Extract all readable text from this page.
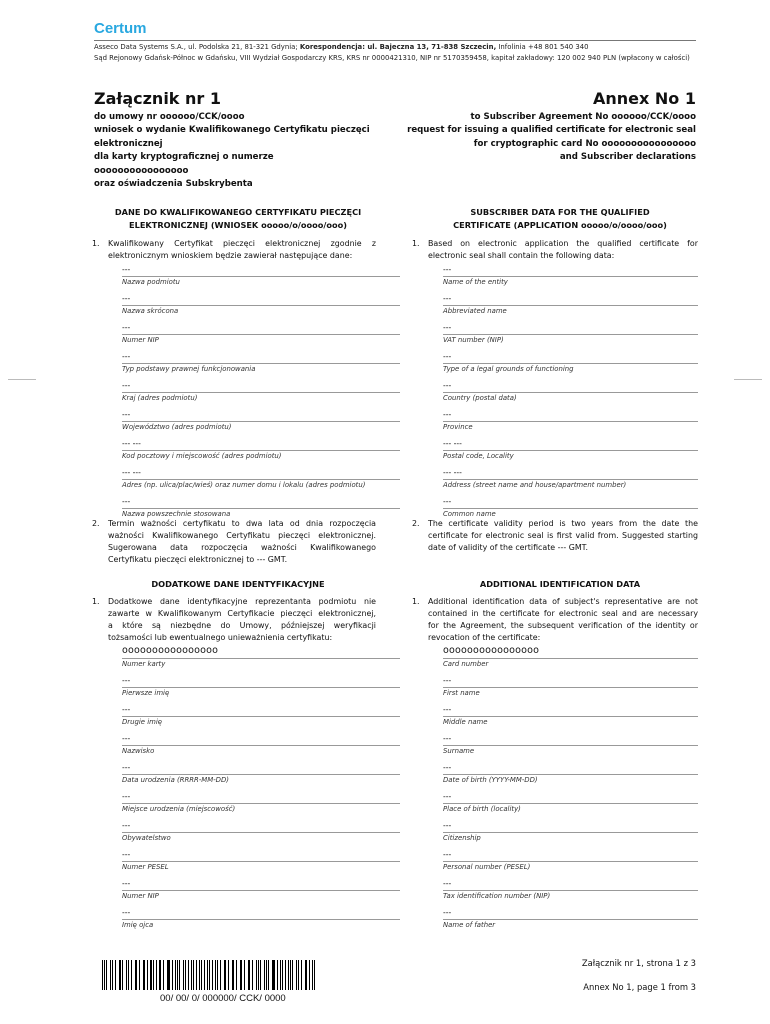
Certum
Asseco Data Systems S.A., ul. Podolska 21, 81-321 Gdynia; Korespondencja: ul. Bajeczna 13, 71-838 Szczecin, Infolinia +48 801 540 340
Sąd Rejonowy Gdańsk-Północ w Gdańsku, VIII Wydział Gospodarczy KRS, KRS nr 0000421310, NIP nr 5170359458, kapitał zakładowy: 120 002 940 PLN (wpłacony w całości)
Załącznik nr 1	Annex No 1
do umowy nr oooooo/CCK/oooo
wniosek o wydanie Kwalifikowanego Certyfikatu pieczęci
elektronicznej
dla karty kryptograficznej o numerze
oooooooooooooooo
oraz oświadczenia Subskrybenta
to Subscriber Agreement No oooooo/CCK/oooo
request for issuing a qualified certificate for electronic seal
for cryptographic card No oooooooooooooooo
and Subscriber declarations
DANE DO KWALIFIKOWANEGO CERTYFIKATU PIECZĘCI
ELEKTRONICZNEJ (WNIOSEK ooooo/o/oooo/ooo)
SUBSCRIBER DATA FOR THE QUALIFIED
CERTIFICATE (APPLICATION ooooo/o/oooo/ooo)
1. Kwalifikowany Certyfikat pieczęci elektronicznej zgodnie z
elektronicznym wnioskiem będzie zawierał następujące dane:
1. Based on electronic application the qualified certificate for
electronic seal shall contain the following data:
---
Nazwa podmiotu
---
Name of the entity
---
Nazwa skrócona
---
Abbreviated name
---
Numer NIP
---
VAT number (NIP)
---
Typ podstawy prawnej funkcjonowania
---
Type of a legal grounds of functioning
---
Kraj (adres podmiotu)
---
Country (postal data)
---
Województwo (adres podmiotu)
---
Province
--- ---
Kod pocztowy i miejscowość (adres podmiotu)
--- ---
Postal code, Locality
--- ---
Adres (np. ulica/plac/wieś) oraz numer domu i lokalu (adres podmiotu)
--- ---
Address (street name and house/apartment number)
---
Nazwa powszechnie stosowana
---
Common name
2. Termin ważności certyfikatu to dwa lata od dnia rozpoczęcia
ważności Kwalifikowanego Certyfikatu pieczęci elektronicznej.
Sugerowana data rozpoczęcia ważności Kwalifikowanego
Certyfikatu pieczęci elektronicznej to --- GMT.
2. The certificate validity period is two years from the date the
certificate for electronic seal is first valid from. Suggested starting
date of validity of the certificate --- GMT.
DODATKOWE DANE IDENTYFIKACYJNE	ADDITIONAL IDENTIFICATION DATA
1. Dodatkowe dane identyfikacyjne reprezentanta podmiotu nie
zawarte w Kwalifikowanym Certyfikacie pieczęci elektronicznej,
a które są niezbędne do Umowy, późniejszej weryfikacji
tożsamości lub ewentualnego unieważnienia certyfikatu:
1. Additional identification data of subject's representative are not
contained in the certificate for electronic seal and are necessary
for the Agreement, the subsequent verification of the identity or
revocation of the certificate:
oooooooooooooooo
Numer karty
oooooooooooooooo
Card number
---
Pierwsze imię
---
First name
---
Drugie imię
---
Middle name
---
Nazwisko
---
Surname
---
Data urodzenia (RRRR-MM-DD)
---
Date of birth (YYYY-MM-DD)
---
Miejsce urodzenia (miejscowość)
---
Place of birth (locality)
---
Obywatelstwo
---
Citizenship
---
Numer PESEL
---
Personal number (PESEL)
---
Numer NIP
---
Tax identification number (NIP)
---
Imię ojca
---
Name of father
00/ 00/ 0/ 000000/ CCK/ 0000
Załącznik nr 1, strona 1 z 3
Annex No 1, page 1 from 3
